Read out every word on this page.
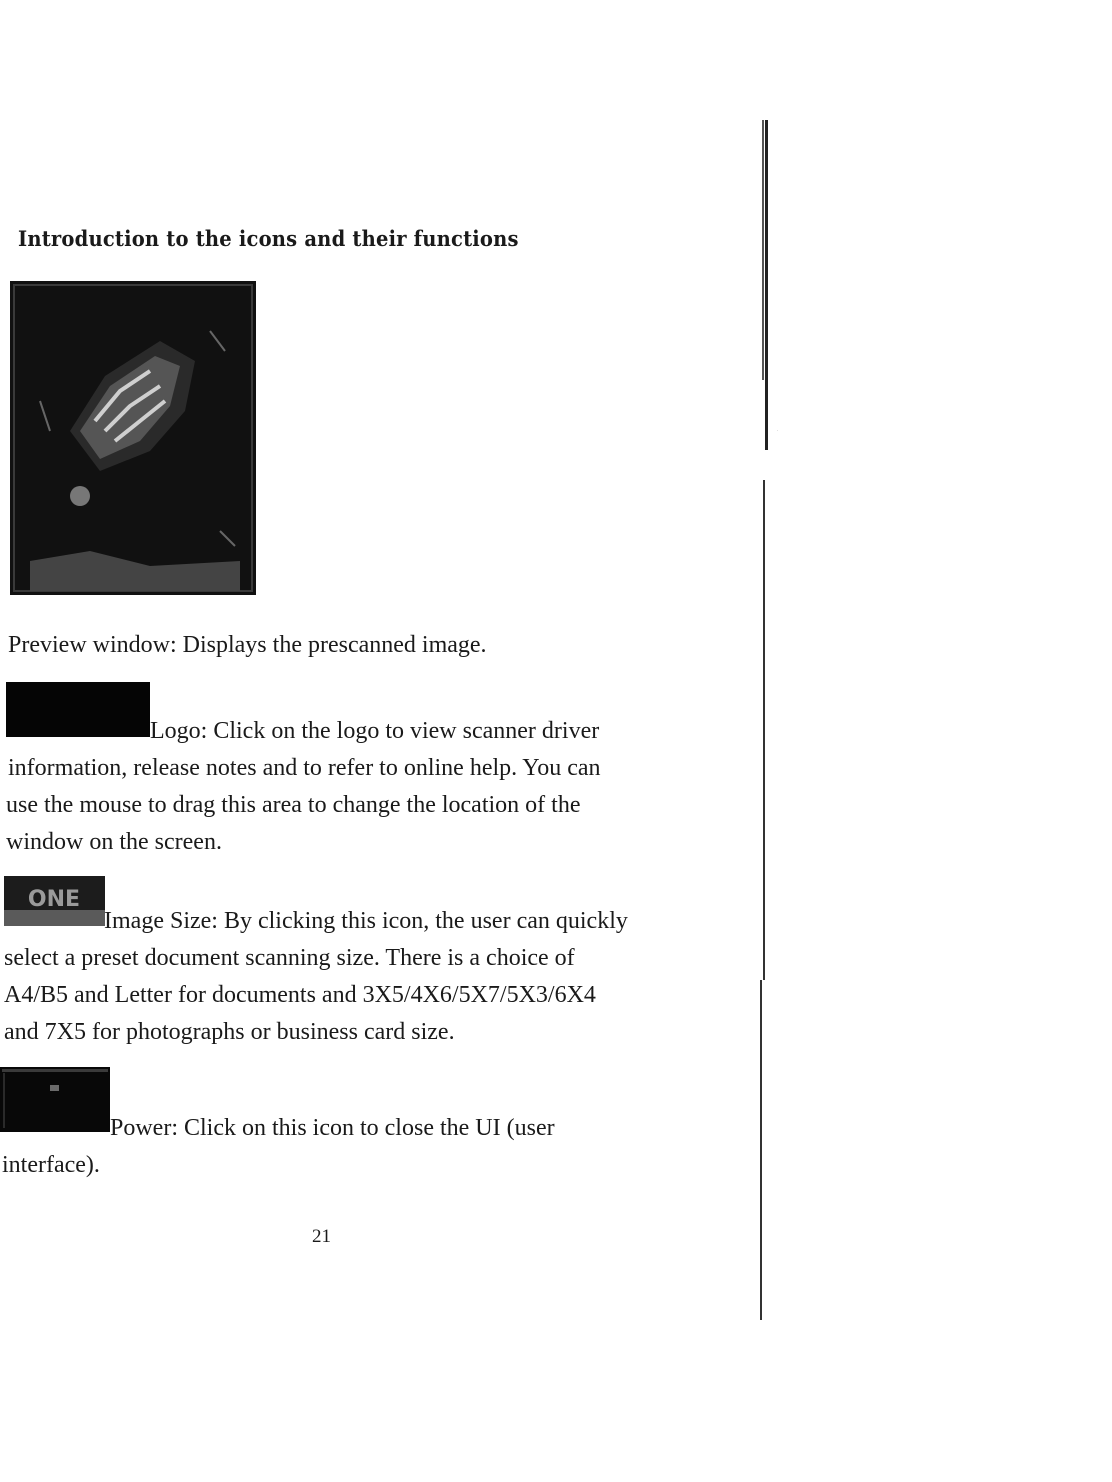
Introduction to the icons and their functions
Preview window: Displays the prescanned image.
Logo: Click on the logo to view scanner driver
information, release notes and to refer to online help. You can
use the mouse to drag this area to change the location of the
window on the screen.
ONE
Image Size: By clicking this icon, the user can quickly
select a preset document scanning size. There is a choice of
A4/B5 and Letter for documents and 3X5/4X6/5X7/5X3/6X4
and 7X5 for photographs or business card size.
Power: Click on this icon to close the UI (user
interface).
21
